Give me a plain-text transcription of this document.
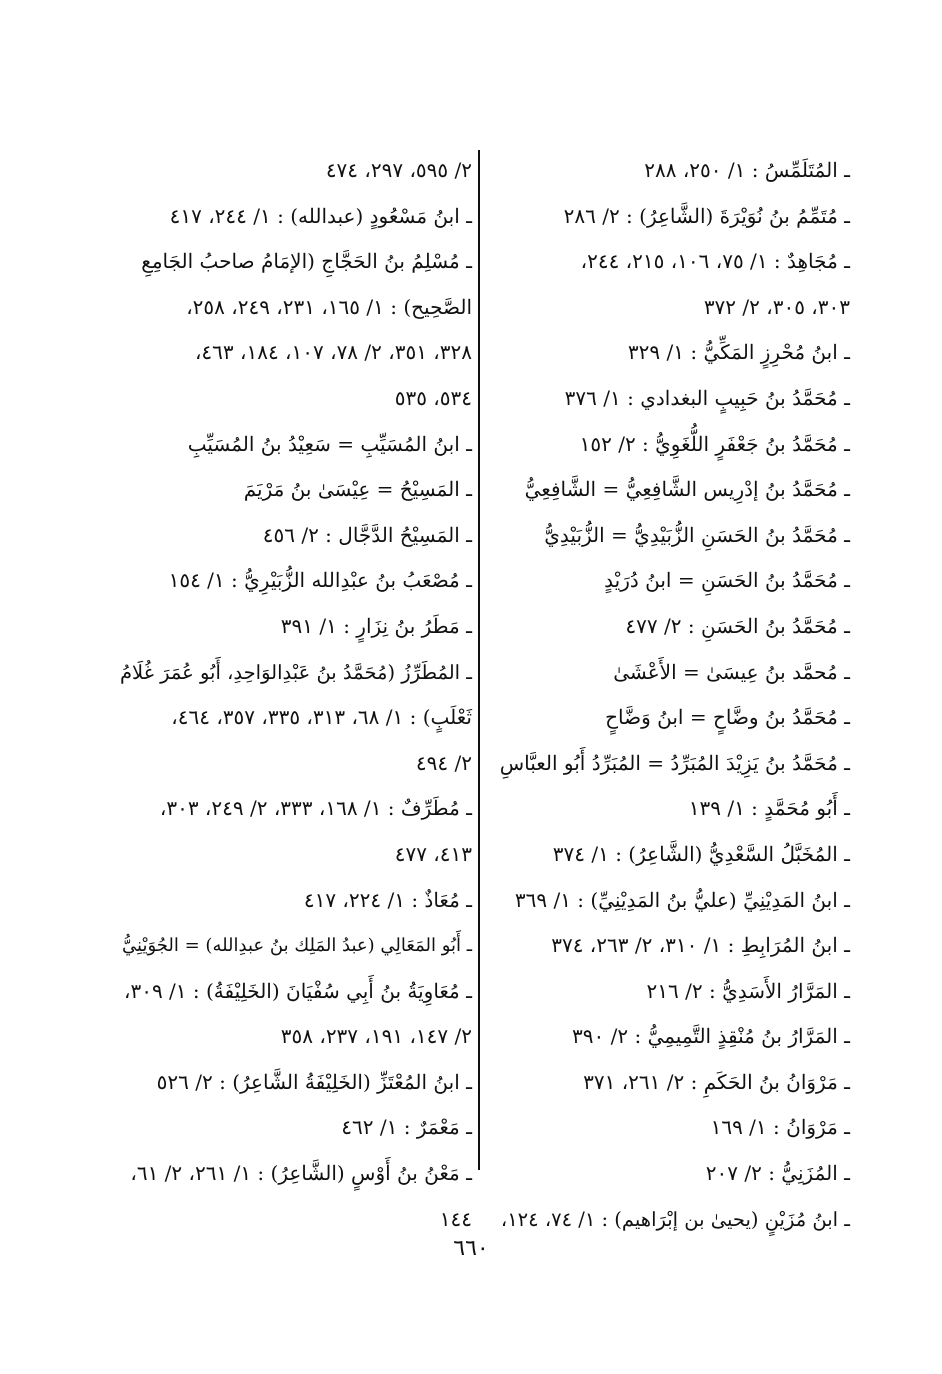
ـ المُتَلَمِّسُ : ١/ ٢٥٠، ٢٨٨
ـ مُتَمِّمُ بنُ نُوَيْرَةَ (الشَّاعِرُ) : ٢/ ٢٨٦
ـ مُجَاهِدٌ : ١/ ٧٥، ١٠٦، ٢١٥، ٢٤٤،
٣٠٣، ٣٠٥، ٢/ ٣٧٢
ـ ابنُ مُحْرِزٍ المَكِّيُّ : ١/ ٣٢٩
ـ مُحَمَّدُ بنُ حَبِيبٍ البغدادي : ١/ ٣٧٦
ـ مُحَمَّدُ بنُ جَعْفَرٍ اللُّغَوِيُّ : ٢/ ١٥٢
ـ مُحَمَّدُ بنُ إدْرِيس الشَّافِعِيُّ = الشَّافِعِيُّ
ـ مُحَمَّدُ بنُ الحَسَنِ الزُّبَيْدِيُّ = الزُّبَيْدِيُّ
ـ مُحَمَّدُ بنُ الحَسَنِ = ابنُ دُرَيْدٍ
ـ مُحَمَّدُ بنُ الحَسَنِ : ٢/ ٤٧٧
ـ مُحمَّد بنُ عِيسَىٰ = الأَعْشَىٰ
ـ مُحَمَّدُ بنُ وضَّاحٍ = ابنُ وَضَّاحٍ
ـ مُحَمَّدُ بنُ يَزِيْدَ المُبَرِّدُ = المُبَرِّدُ أَبُو العبَّاسِ
ـ أَبُو مُحَمَّدٍ : ١/ ١٣٩
ـ المُخَبَّلُ السَّعْدِيُّ (الشَّاعِرُ) : ١/ ٣٧٤
ـ ابنُ المَدِيْنِيِّ (عليُّ بنُ المَدِيْنِيِّ) : ١/ ٣٦٩
ـ ابنُ المُرَابِطِ : ١/ ٣١٠، ٢/ ٢٦٣، ٣٧٤
ـ المَرَّارُ الأَسَدِيُّ : ٢/ ٢١٦
ـ المَرَّارُ بنُ مُنْقِذٍ التَّمِيمِيُّ : ٢/ ٣٩٠
ـ مَرْوَانُ بنُ الحَكَمِ : ٢/ ٢٦١، ٣٧١
ـ مَرْوَانُ : ١/ ١٦٩
ـ المُزَنِيُّ : ٢/ ٢٠٧
ـ ابنُ مُزَيْنٍ (يحيىٰ بن إبْرَاهيم) : ١/ ٧٤، ١٢٤،
٢/ ٥٩٥، ٢٩٧، ٤٧٤
ـ ابنُ مَسْعُودٍ (عبدالله) : ١/ ٢٤٤، ٤١٧
ـ مُسْلِمُ بنُ الحَجَّاجِ (الإمَامُ صاحبُ الجَامِعِ
الصَّحِيح) : ١/ ١٦٥، ٢٣١، ٢٤٩، ٢٥٨،
٣٢٨، ٣٥١، ٢/ ٧٨، ١٠٧، ١٨٤، ٤٦٣،
٥٣٤، ٥٣٥
ـ ابنُ المُسَيِّبِ = سَعِيْدُ بنُ المُسَيِّبِ
ـ المَسِيْحُ = عِيْسَىٰ بنُ مَرْيَمَ
ـ المَسِيْحُ الدَّجَّال : ٢/ ٤٥٦
ـ مُصْعَبُ بنُ عبْدِالله الزُّبَيْرِيُّ : ١/ ١٥٤
ـ مَطَرُ بنُ نِزَارٍ : ١/ ٣٩١
ـ المُطَرِّزُ (مُحَمَّدُ بنُ عَبْدِالوَاحِدِ، أَبُو عُمَرَ غُلَامُ
ثَعْلَبٍ) : ١/ ٦٨، ٣١٣، ٣٣٥، ٣٥٧، ٤٦٤،
٢/ ٤٩٤
ـ مُطَرِّفٌ : ١/ ١٦٨، ٣٣٣، ٢/ ٢٤٩، ٣٠٣،
٤١٣، ٤٧٧
ـ مُعَاذٌ : ١/ ٢٢٤، ٤١٧
ـ أَبُو المَعَالِي (عبدُ المَلِك بنُ عبدِالله) = الجُوَيْنِيُّ
ـ مُعَاوِيَةُ بنُ أَبِي سُفْيَانَ (الخَلِيْفَةُ) : ١/ ٣٠٩،
٢/ ١٤٧، ١٩١، ٢٣٧، ٣٥٨
ـ ابنُ المُعْتَزِّ (الخَلِيْفَةُ الشَّاعِرُ) : ٢/ ٥٢٦
ـ مَعْمَرٌ : ١/ ٤٦٢
ـ مَعْنُ بنُ أَوْسٍ (الشَّاعِرُ) : ١/ ٢٦١، ٢/ ٦١،
١٤٤
٦٦٠
